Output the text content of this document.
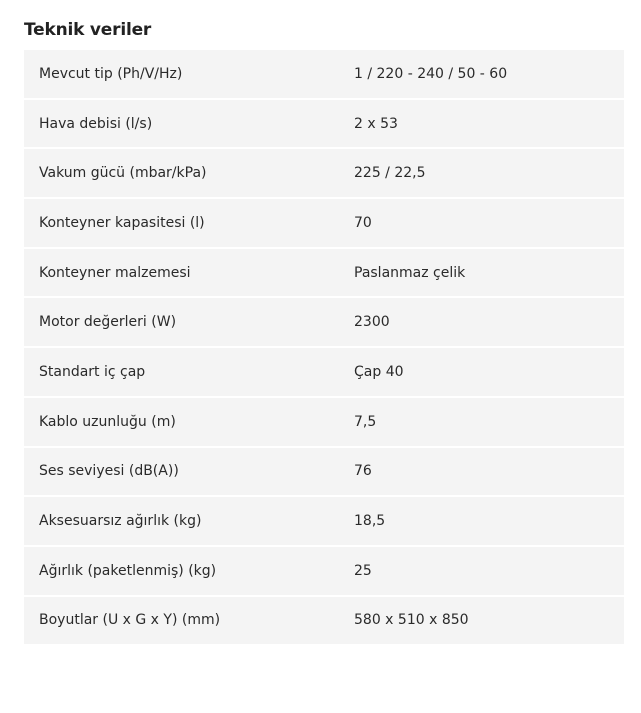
Teknik veriler
Mevcut tip (Ph/V/Hz)	1 / 220 - 240 / 50 - 60
Hava debisi (l/s)	2 x 53
Vakum gücü (mbar/kPa)	225 / 22,5
Konteyner kapasitesi (l)	70
Konteyner malzemesi	Paslanmaz çelik
Motor değerleri (W)	2300
Standart iç çap	Çap 40
Kablo uzunluğu (m)	7,5
Ses seviyesi (dB(A))	76
Aksesuarsız ağırlık (kg)	18,5
Ağırlık (paketlenmiş) (kg)	25
Boyutlar (U x G x Y) (mm)	580 x 510 x 850
